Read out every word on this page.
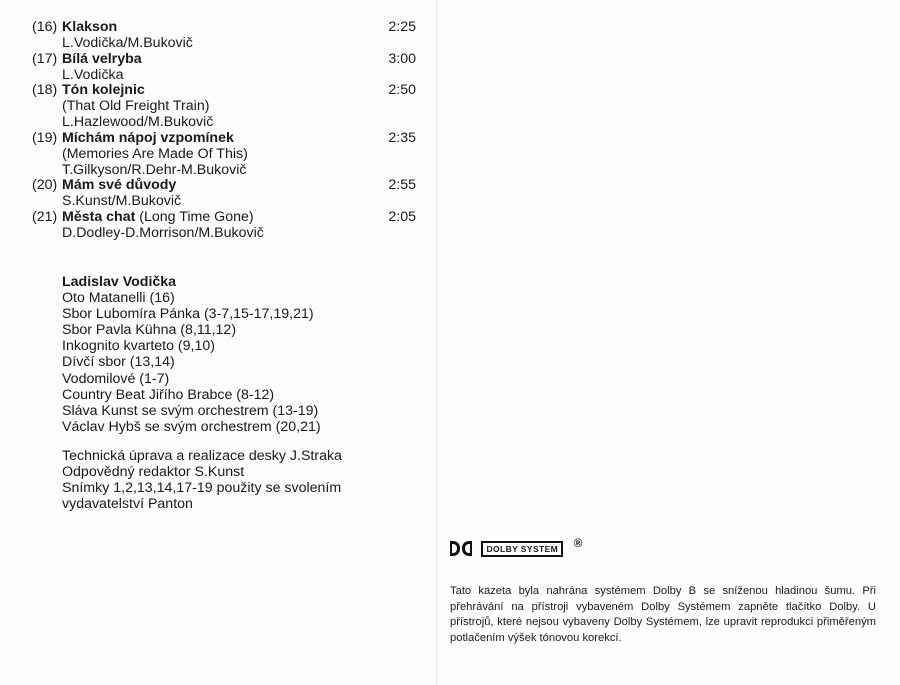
(16) Klakson	2:25
L.Vodička/M.Bukovič
(17) Bílá velryba	3:00
L.Vodička
(18) Tón kolejnic	2:50
(That Old Freight Train)
L.Hazlewood/M.Bukovič
(19) Míchám nápoj vzpomínek	2:35
(Memories Are Made Of This)
T.Gilkyson/R.Dehr-M.Bukovič
(20) Mám své důvody	2:55
S.Kunst/M.Bukovič
(21) Města chat (Long Time Gone)	2:05
D.Dodley-D.Morrison/M.Bukovič
Ladislav Vodička
Oto Matanelli (16)
Sbor Lubomíra Pánka (3-7,15-17,19,21)
Sbor Pavla Kühna (8,11,12)
Inkognito kvarteto (9,10)
Dívčí sbor (13,14)
Vodomilové (1-7)
Country Beat Jiřího Brabce (8-12)
Sláva Kunst se svým orchestrem (13-19)
Václav Hybš se svým orchestrem (20,21)
Technická úprava a realizace desky J.Straka
Odpovědný redaktor S.Kunst
Snímky 1,2,13,14,17-19 použity se svolením
vydavatelství Panton
DOLBY SYSTEM ®
Tato kazeta byla nahrána systémem Dolby B se sníženou hladinou šumu. Při přehrávání na přístroji vybaveném Dolby Systémem zapněte tlačítko Dolby. U přístrojů, které nejsou vybaveny Dolby Systémem, lze upravit reprodukci přiměřeným potlačením výšek tónovou korekcí.
